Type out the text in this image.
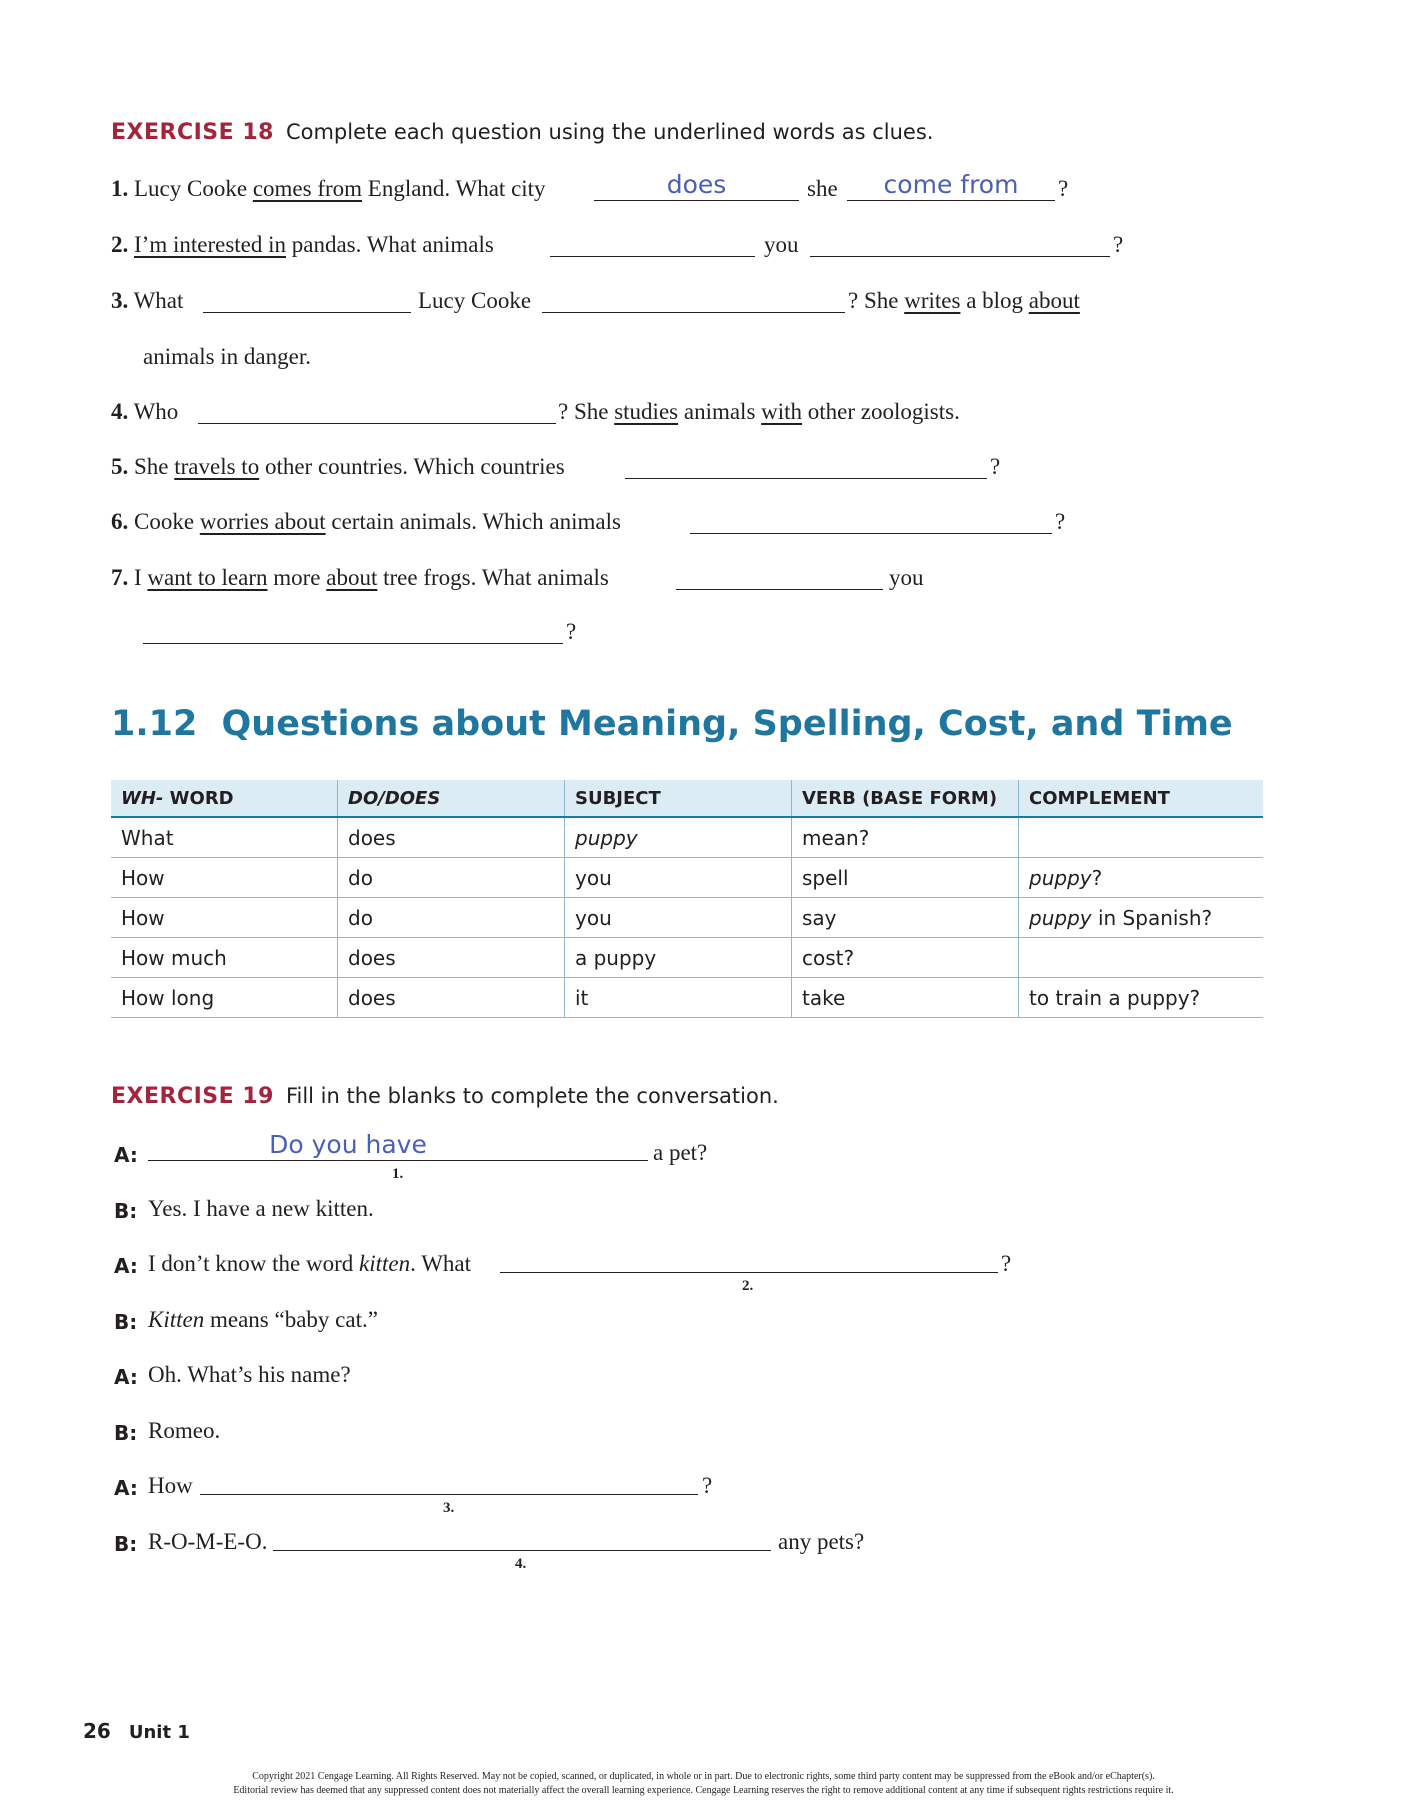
EXERCISE 18 Complete each question using the underlined words as clues.
1. Lucy Cooke comes from England. What city	does	she	come from	?
2. I’m interested in pandas. What animals	you	?
3. What	Lucy Cooke	? She writes a blog about
animals in danger.
4. Who	? She studies animals with other zoologists.
5. She travels to other countries. Which countries	?
6. Cooke worries about certain animals. Which animals	?
7. I want to learn more about tree frogs. What animals	you
?
1.12 Questions about Meaning, Spelling, Cost, and Time
WH- WORD	DO/DOES	SUBJECT	VERB (BASE FORM)	COMPLEMENT
What	does	puppy	mean?	
How	do	you	spell	puppy?
How	do	you	say	puppy in Spanish?
How much	does	a puppy	cost?	
How long	does	it	take	to train a puppy?
EXERCISE 19 Fill in the blanks to complete the conversation.
A:	Do you have
1.
a pet?
B: Yes. I have a new kitten.
A: I don’t know the word kitten. What
2.
?
B: Kitten means “baby cat.”
A: Oh. What’s his name?
B: Romeo.
A: How
3.
?
B: R-O-M-E-O.
4.
any pets?
26 Unit 1
Copyright 2021 Cengage Learning. All Rights Reserved. May not be copied, scanned, or duplicated, in whole or in part. Due to electronic rights, some third party content may be suppressed from the eBook and/or eChapter(s).
Editorial review has deemed that any suppressed content does not materially affect the overall learning experience. Cengage Learning reserves the right to remove additional content at any time if subsequent rights restrictions require it.
